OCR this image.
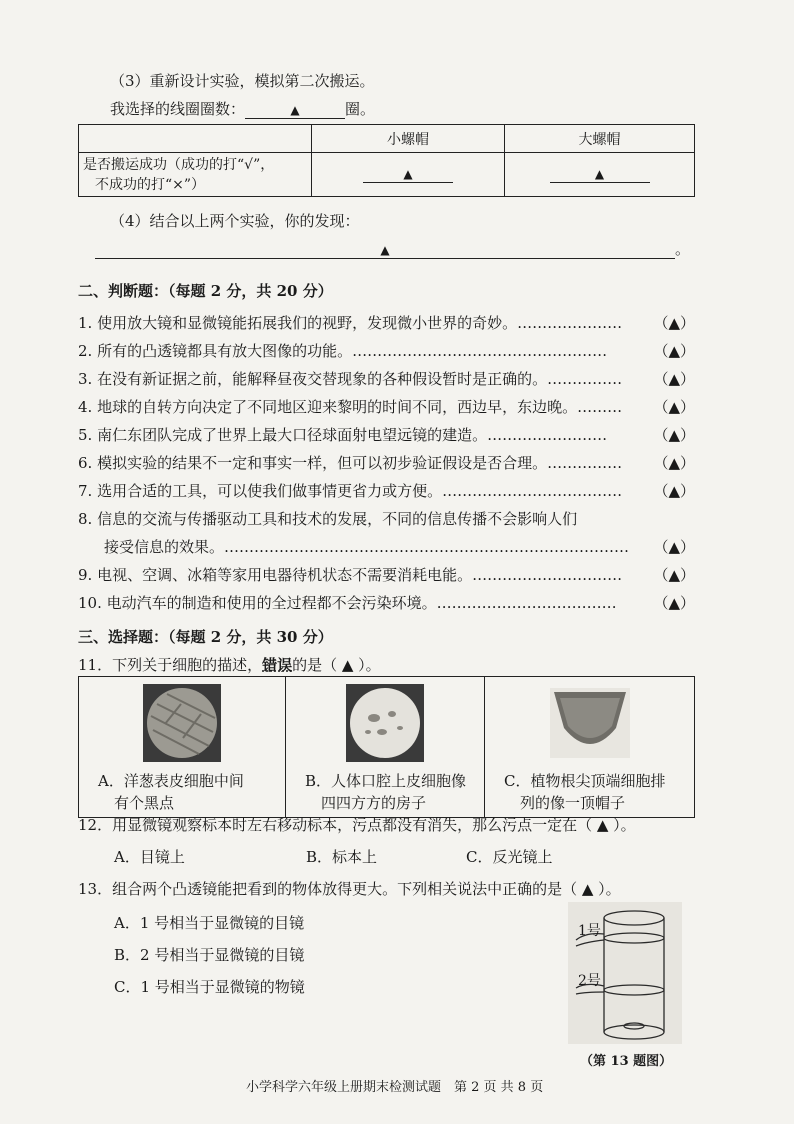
（3）重新设计实验，模拟第二次搬运。
我选择的线圈圈数：	▲	圈。
	小螺帽	大螺帽

是否搬运成功（成功的打“√”，
不成功的打“×”）	▲	▲
（4）结合以上两个实验，你的发现：
▲	。
二、判断题：（每题 2 分，共 20 分）
1. 使用放大镜和显微镜能拓展我们的视野，发现微小世界的奇妙。………………… （▲）
2. 所有的凸透镜都具有放大图像的功能。……………………………………………	（▲）
3. 在没有新证据之前，能解释昼夜交替现象的各种假设暂时是正确的。…………… （▲）
4. 地球的自转方向决定了不同地区迎来黎明的时间不同，西边早，东边晚。……… （▲）
5. 南仁东团队完成了世界上最大口径球面射电望远镜的建造。……………………	（▲）
6. 模拟实验的结果不一定和事实一样，但可以初步验证假设是否合理。…………… （▲）
7. 选用合适的工具，可以使我们做事情更省力或方便。……………………………… （▲）
8. 信息的交流与传播驱动工具和技术的发展，不同的信息传播不会影响人们
接受信息的效果。……………………………………………………………………… （▲）
9. 电视、空调、冰箱等家用电器待机状态不需要消耗电能。………………………… （▲）
10. 电动汽车的制造和使用的全过程都不会污染环境。……………………………… （▲）
三、选择题：（每题 2 分，共 30 分）
11．下列关于细胞的描述，错误的是（ ▲ ）。
A．洋葱表皮细胞中间
有个黑点

B．人体口腔上皮细胞像
四四方方的房子

C．植物根尖顶端细胞排
列的像一顶帽子
12．用显微镜观察标本时左右移动标本，污点都没有消失，那么污点一定在（ ▲ ）。
A．目镜上	B．标本上	C．反光镜上
13．组合两个凸透镜能把看到的物体放得更大。下列相关说法中正确的是（ ▲ ）。
A．1 号相当于显微镜的目镜
B．2 号相当于显微镜的目镜
C．1 号相当于显微镜的物镜
1号
2号
（第 13 题图）
小学科学六年级上册期末检测试题　第 2 页 共 8 页
